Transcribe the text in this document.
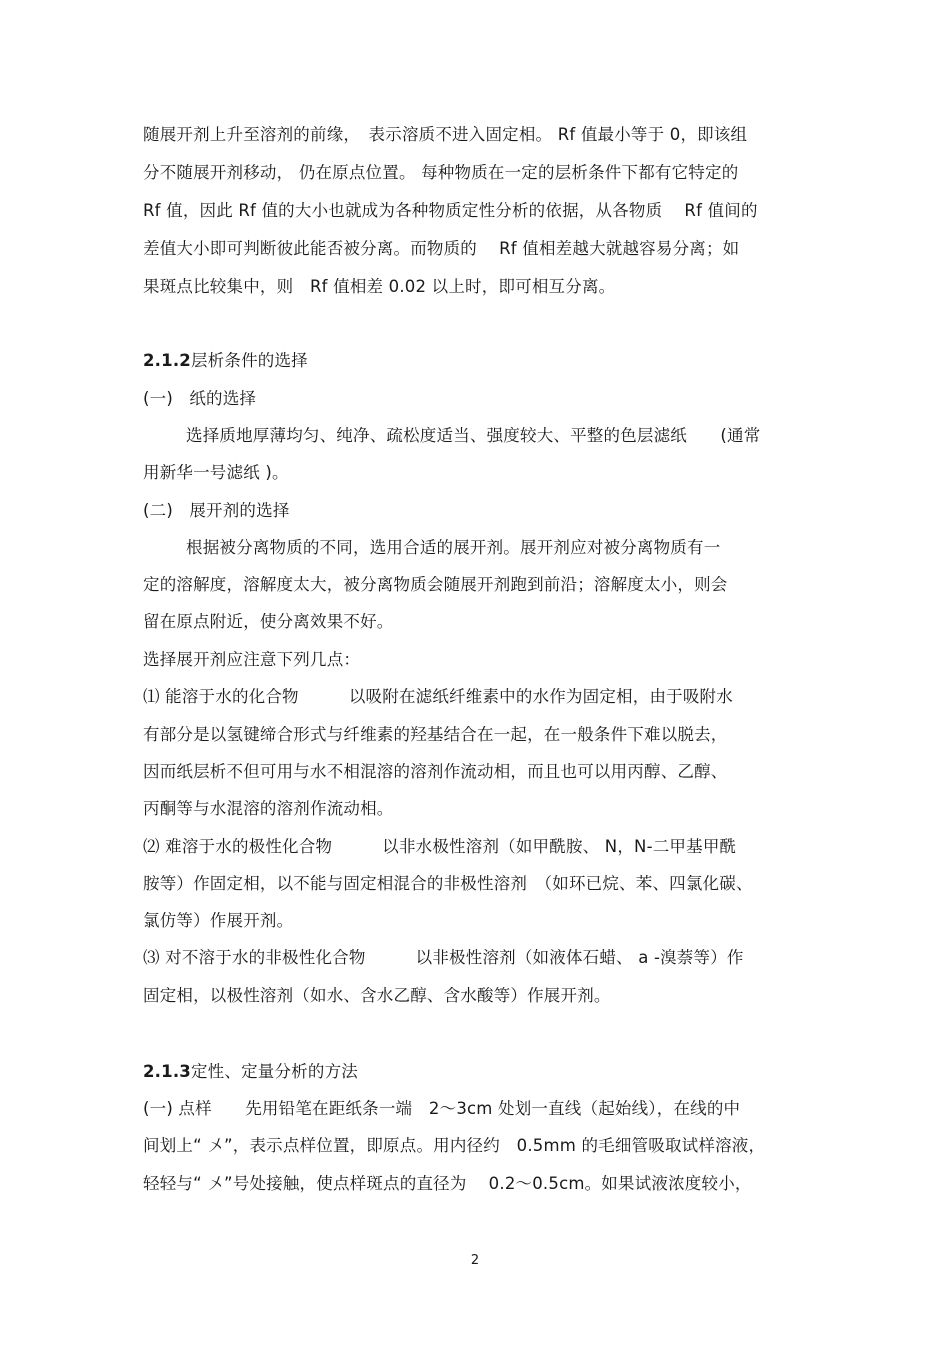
随展开剂上升至溶剂的前缘，　表示溶质不进入固定相。 Rf 值最小等于 0，即该组
分不随展开剂移动， 仍在原点位置。 每种物质在一定的层析条件下都有它特定的
Rf 值，因此 Rf 值的大小也就成为各种物质定性分析的依据，从各物质　 Rf 值间的
差值大小即可判断彼此能否被分离。而物质的　 Rf 值相差越大就越容易分离；如
果斑点比较集中，则　Rf 值相差 0.02 以上时，即可相互分离。
2.1.2层析条件的选择
(一) 纸的选择
选择质地厚薄均匀、纯净、疏松度适当、强度较大、平整的色层滤纸　　(通常
用新华一号滤纸 )。
(二) 展开剂的选择
根据被分离物质的不同，选用合适的展开剂。展开剂应对被分离物质有一
定的溶解度，溶解度太大，被分离物质会随展开剂跑到前沿；溶解度太小，则会
留在原点附近，使分离效果不好。
选择展开剂应注意下列几点：
⑴ 能溶于水的化合物　　　以吸附在滤纸纤维素中的水作为固定相，由于吸附水
有部分是以氢键缔合形式与纤维素的羟基结合在一起，在一般条件下难以脱去，
因而纸层析不但可用与水不相混溶的溶剂作流动相，而且也可以用丙醇、乙醇、
丙酮等与水混溶的溶剂作流动相。
⑵ 难溶于水的极性化合物　　　以非水极性溶剂（如甲酰胺、 N，N-二甲基甲酰
胺等）作固定相，以不能与固定相混合的非极性溶剂　（如环已烷、苯、四氯化碳、
氯仿等）作展开剂。
⑶ 对不溶于水的非极性化合物　　　以非极性溶剂（如液体石蜡、 a -溴萘等）作
固定相，以极性溶剂（如水、含水乙醇、含水酸等）作展开剂。
2.1.3定性、定量分析的方法
(一) 点样　　先用铅笔在距纸条一端　2～3cm 处划一直线（起始线），在线的中
间划上“ 〤”，表示点样位置，即原点。用内径约　0.5mm 的毛细管吸取试样溶液，
轻轻与“ 〤”号处接触，使点样斑点的直径为　 0.2～0.5cm。如果试液浓度较小，
2
